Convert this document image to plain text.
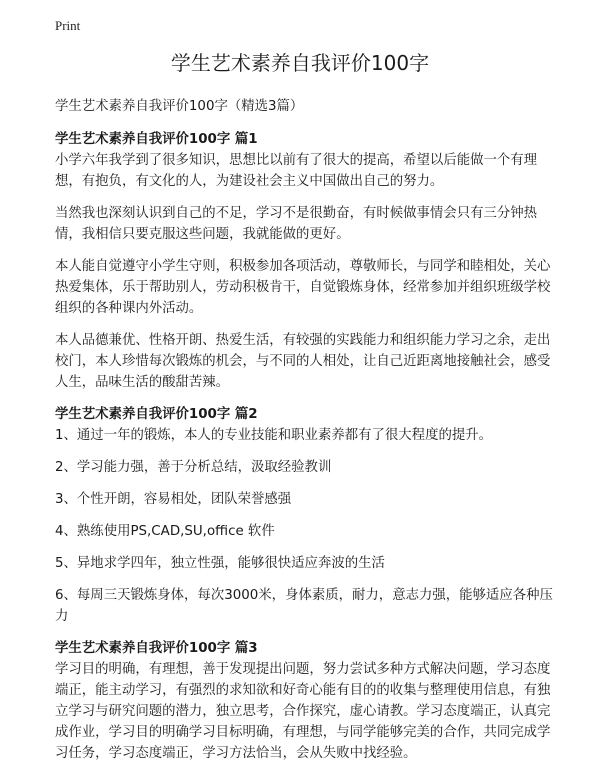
Print
学生艺术素养自我评价100字

学生艺术素养自我评价100字（精选3篇）

学生艺术素养自我评价100字 篇1

小学六年我学到了很多知识，思想比以前有了很大的提高，希望以后能做一个有理想，有抱负，有文化的人，为建设社会主义中国做出自己的努力。

当然我也深刻认识到自己的不足，学习不是很勤奋，有时候做事情会只有三分钟热情，我相信只要克服这些问题，我就能做的更好。

本人能自觉遵守小学生守则，积极参加各项活动，尊敬师长，与同学和睦相处，关心热爱集体，乐于帮助别人，劳动积极肯干，自觉锻炼身体，经常参加并组织班级学校组织的各种课内外活动。

本人品德兼优、性格开朗、热爱生活，有较强的实践能力和组织能力学习之余，走出校门，本人珍惜每次锻炼的机会，与不同的人相处，让自己近距离地接触社会，感受人生，品味生活的酸甜苦辣。

学生艺术素养自我评价100字 篇2

1、通过一年的锻炼，本人的专业技能和职业素养都有了很大程度的提升。

2、学习能力强，善于分析总结，汲取经验教训

3、个性开朗，容易相处，团队荣誉感强

4、熟练使用PS,CAD,SU,office 软件

5、异地求学四年，独立性强，能够很快适应奔波的生活

6、每周三天锻炼身体，每次3000米，身体素质，耐力，意志力强，能够适应各种压力

学生艺术素养自我评价100字 篇3

学习目的明确，有理想，善于发现提出问题，努力尝试多种方式解决问题，学习态度端正，能主动学习，有强烈的求知欲和好奇心能有目的的收集与整理使用信息，有独立学习与研究问题的潜力，独立思考，合作探究，虚心请教。学习态度端正，认真完成作业，学习目的明确学习目标明确，有理想，与同学能够完美的合作，共同完成学习任务，学习态度端正，学习方法恰当，会从失败中找经验。
